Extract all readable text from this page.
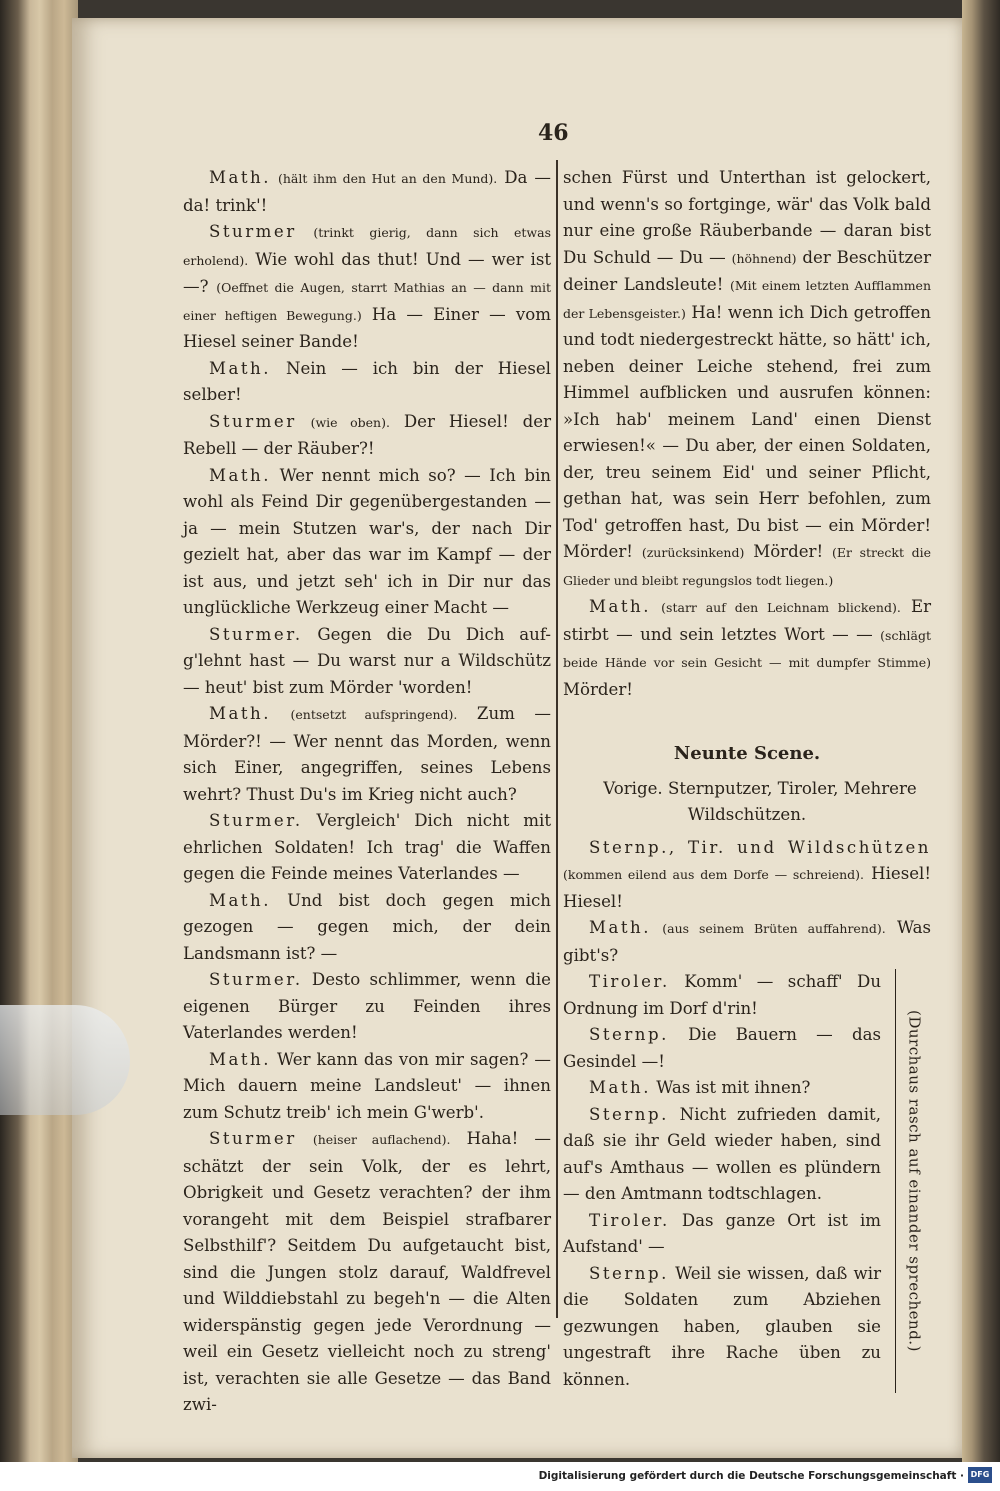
46

Math. (hält ihm den Hut an den Mund). Da — da! trink'!

Sturmer (trinkt gierig, dann sich etwas erholend). Wie wohl das thut! Und — wer ist —? (Oeffnet die Augen, starrt Mathias an — dann mit einer heftigen Bewegung.) Ha — Einer — vom Hiesel seiner Bande!

Math. Nein — ich bin der Hiesel selber!

Sturmer (wie oben). Der Hiesel! der Rebell — der Räuber?!

Math. Wer nennt mich so? — Ich bin wohl als Feind Dir gegenübergestanden — ja — mein Stutzen war's, der nach Dir gezielt hat, aber das war im Kampf — der ist aus, und jetzt seh' ich in Dir nur das unglückliche Werkzeug einer Macht —

Sturmer. Gegen die Du Dich auf-g'lehnt hast — Du warst nur a Wildschütz — heut' bist zum Mörder 'worden!

Math. (entsetzt aufspringend). Zum — Mörder?! — Wer nennt das Morden, wenn sich Einer, angegriffen, seines Lebens wehrt? Thust Du's im Krieg nicht auch?

Sturmer. Vergleich' Dich nicht mit ehrlichen Soldaten! Ich trag' die Waffen gegen die Feinde meines Vaterlandes —

Math. Und bist doch gegen mich gezogen — gegen mich, der dein Landsmann ist? —

Sturmer. Desto schlimmer, wenn die eigenen Bürger zu Feinden ihres Vaterlandes werden!

Math. Wer kann das von mir sagen? — Mich dauern meine Landsleut' — ihnen zum Schutz treib' ich mein G'werb'.

Sturmer (heiser auflachend). Haha! — schätzt der sein Volk, der es lehrt, Obrigkeit und Gesetz verachten? der ihm vorangeht mit dem Beispiel strafbarer Selbsthilf'? Seitdem Du aufgetaucht bist, sind die Jungen stolz darauf, Waldfrevel und Wilddiebstahl zu begeh'n — die Alten widerspänstig gegen jede Verordnung — weil ein Gesetz vielleicht noch zu streng' ist, verachten sie alle Gesetze — das Band zwi-

schen Fürst und Unterthan ist gelockert, und wenn's so fortginge, wär' das Volk bald nur eine große Räuberbande — daran bist Du Schuld — Du — (höhnend) der Beschützer deiner Landsleute! (Mit einem letzten Aufflammen der Lebensgeister.) Ha! wenn ich Dich getroffen und todt niedergestreckt hätte, so hätt' ich, neben deiner Leiche stehend, frei zum Himmel aufblicken und ausrufen können: »Ich hab' meinem Land' einen Dienst erwiesen!« — Du aber, der einen Soldaten, der, treu seinem Eid' und seiner Pflicht, gethan hat, was sein Herr befohlen, zum Tod' getroffen hast, Du bist — ein Mörder! Mörder! (zurücksinkend) Mörder! (Er streckt die Glieder und bleibt regungslos todt liegen.)

Math. (starr auf den Leichnam blickend). Er stirbt — und sein letztes Wort — — (schlägt beide Hände vor sein Gesicht — mit dumpfer Stimme) Mörder!

Neunte Scene.

Vorige. Sternputzer, Tiroler, Mehrere Wildschützen.

Sternp., Tir. und Wildschützen (kommen eilend aus dem Dorfe — schreiend). Hiesel! Hiesel!

Math. (aus seinem Brüten auffahrend). Was gibt's?

Tiroler. Komm' — schaff' Du Ordnung im Dorf d'rin!

Sternp. Die Bauern — das Gesindel —!

Math. Was ist mit ihnen?

Sternp. Nicht zufrieden damit, daß sie ihr Geld wieder haben, sind auf's Amthaus — wollen es plündern — den Amtmann todtschlagen.

Tiroler. Das ganze Ort ist im Aufstand' —

Sternp. Weil sie wissen, daß wir die Soldaten zum Abziehen gezwungen haben, glauben sie ungestraft ihre Rache üben zu können.

(Durchaus rasch auf einander sprechend.)
Digitalisierung gefördert durch die Deutsche Forschungsgemeinschaft · DFG
